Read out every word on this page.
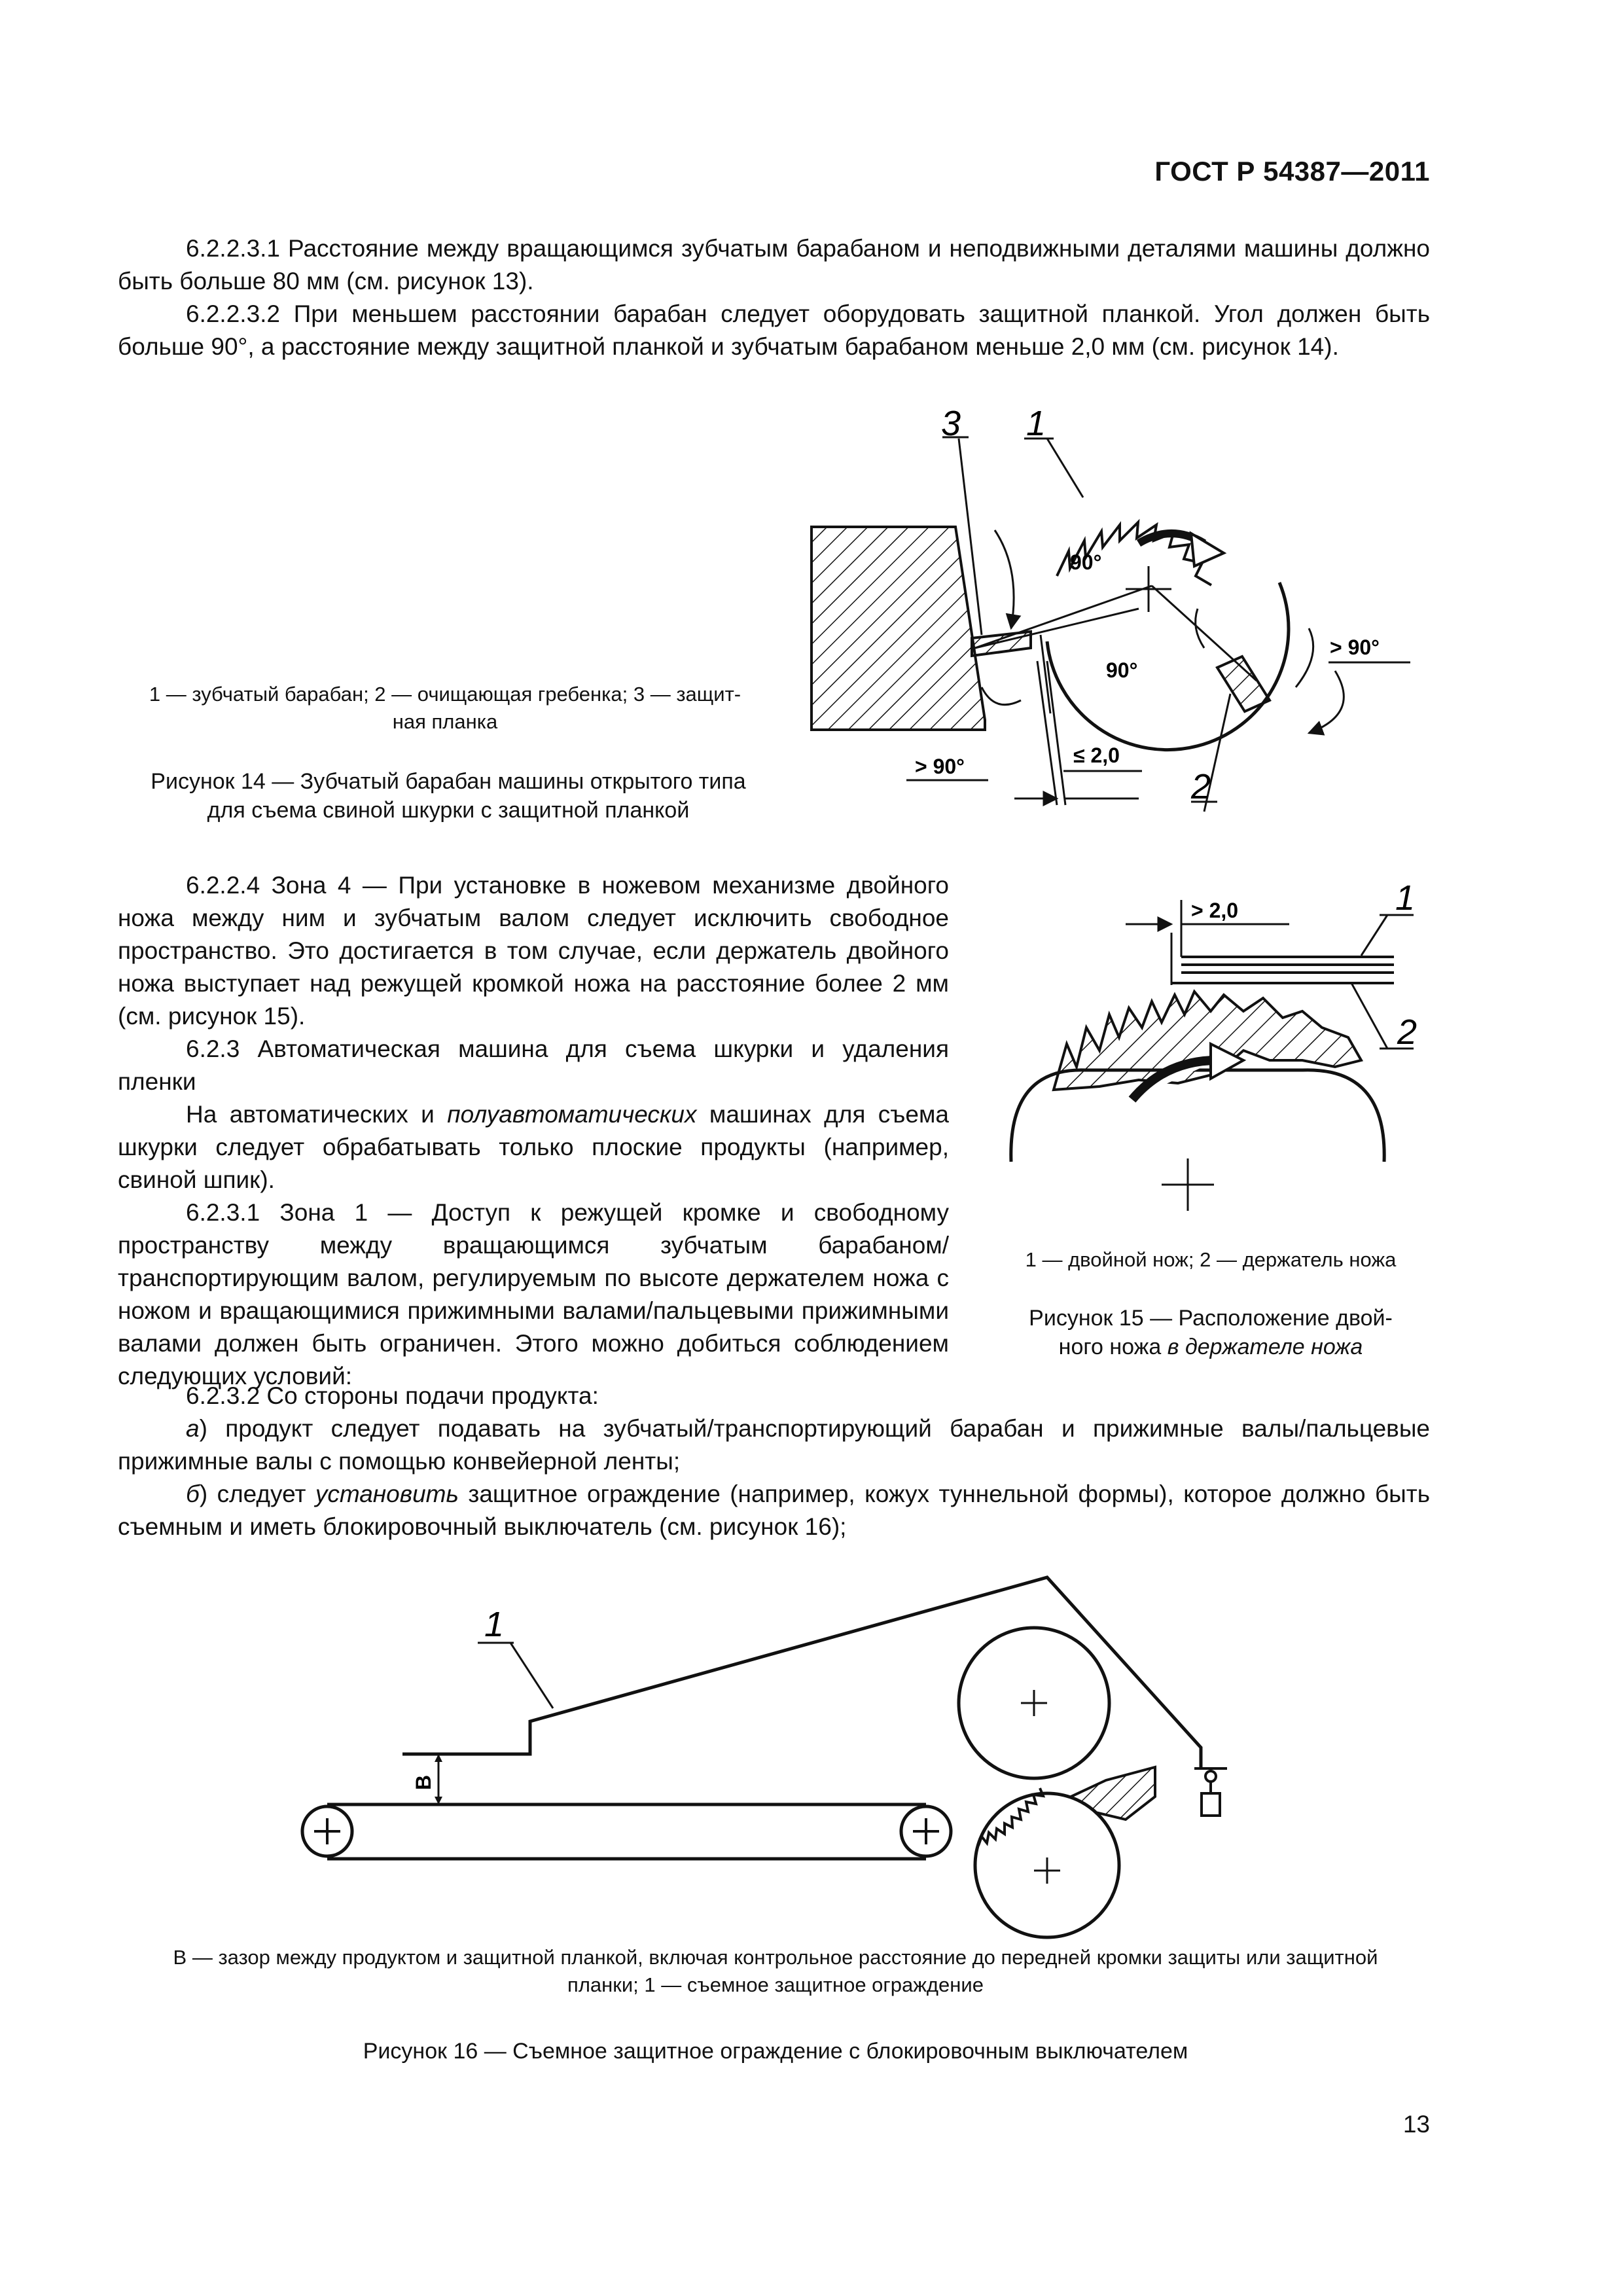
ГОСТ Р 54387—2011

6.2.2.3.1 Расстояние между вращающимся зубчатым барабаном и неподвижными деталями машины должно быть больше 80 мм (см. рисунок 13).

6.2.2.3.2 При меньшем расстоянии барабан следует оборудовать защитной планкой. Угол должен быть больше 90°, а расстояние между защитной планкой и зубчатым барабаном меньше 2,0 мм (см. рисунок 14).

1 — зубчатый барабан; 2 — очищающая гребенка; 3 — защит-
ная планка
Рисунок 14 — Зубчатый барабан машины открытого типа
для съема свиной шкурки с защитной планкой
3 1
2
90°
90°
> 90°
> 90°	≤ 2,0

6.2.2.4 Зона 4 — При установке в ножевом механизме двойного ножа между ним и зубчатым валом следует исключить свободное пространство. Это достигается в том случае, если держатель двойного ножа выступает над режущей кромкой ножа на расстояние более 2 мм (см. рисунок 15).

6.2.3 Автоматическая машина для съема шкурки и удаления пленки

На автоматических и полуавтоматических машинах для съема шкурки следует обрабатывать только плоские продукты (например, свиной шпик).

6.2.3.1 Зона 1 — Доступ к режущей кромке и свободному пространству между вращающимся зубчатым барабаном/транспортирующим валом, регулируемым по высоте держателем ножа с ножом и вращающимися прижимными валами/пальцевыми прижимными валами должен быть ограничен. Этого можно добиться соблюдением следующих условий:

> 2,0	1
2
1 — двойной нож; 2 — держатель ножа
Рисунок 15 — Расположение двой-
ного ножа в держателе ножа

6.2.3.2 Со стороны подачи продукта:

а) продукт следует подавать на зубчатый/транспортирующий барабан и прижимные валы/пальцевые прижимные валы с помощью конвейерной ленты;

б) следует установить защитное ограждение (например, кожух туннельной формы), которое должно быть съемным и иметь блокировочный выключатель (см. рисунок 16);

B
1
B — зазор между продуктом и защитной планкой, включая контрольное расстояние до передней кромки защиты или защитной
планки; 1 — съемное защитное ограждение
Рисунок 16 — Съемное защитное ограждение с блокировочным выключателем
13
